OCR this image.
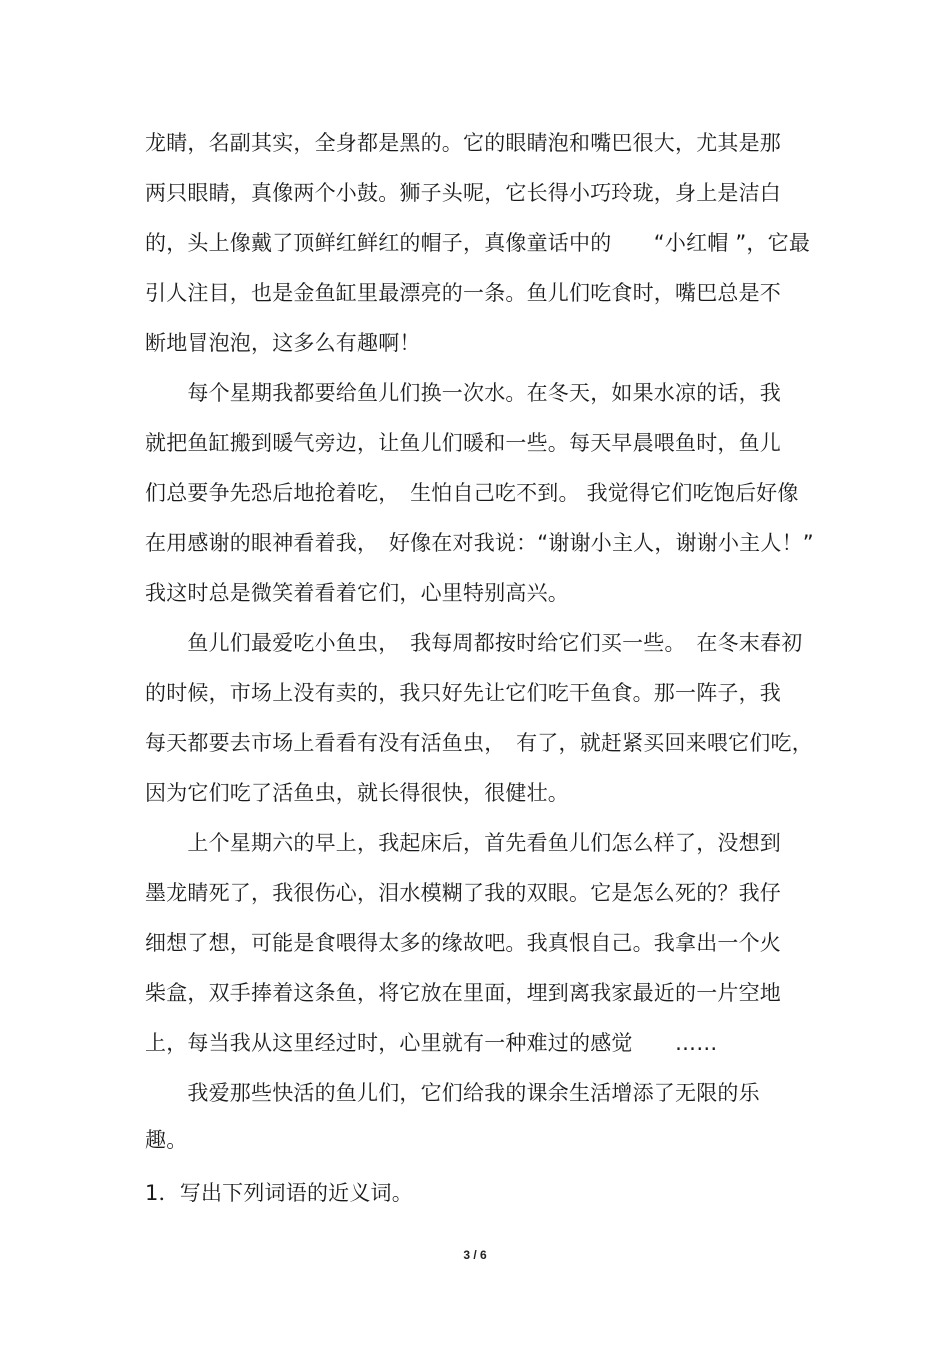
龙睛，名副其实，全身都是黑的。它的眼睛泡和嘴巴很大，尤其是那
两只眼睛，真像两个小鼓。狮子头呢，它长得小巧玲珑，身上是洁白
的，头上像戴了顶鲜红鲜红的帽子，真像童话中的　　“小红帽 ”，它最
引人注目，也是金鱼缸里最漂亮的一条。鱼儿们吃食时，嘴巴总是不
断地冒泡泡，这多么有趣啊！
　　每个星期我都要给鱼儿们换一次水。在冬天，如果水凉的话，我
就把鱼缸搬到暖气旁边，让鱼儿们暖和一些。每天早晨喂鱼时，鱼儿
们总要争先恐后地抢着吃，　生怕自己吃不到。 我觉得它们吃饱后好像
在用感谢的眼神看着我，　好像在对我说：“谢谢小主人，谢谢小主人！”
我这时总是微笑着看着它们，心里特别高兴。
　　鱼儿们最爱吃小鱼虫，　我每周都按时给它们买一些。　在冬末春初
的时候，市场上没有卖的，我只好先让它们吃干鱼食。那一阵子，我
每天都要去市场上看看有没有活鱼虫，　有了，就赶紧买回来喂它们吃，
因为它们吃了活鱼虫，就长得很快，很健壮。
　　上个星期六的早上，我起床后，首先看鱼儿们怎么样了，没想到
墨龙睛死了，我很伤心，泪水模糊了我的双眼。它是怎么死的？我仔
细想了想，可能是食喂得太多的缘故吧。我真恨自己。我拿出一个火
柴盒，双手捧着这条鱼，将它放在里面，埋到离我家最近的一片空地
上，每当我从这里经过时，心里就有一种难过的感觉　　……
　　我爱那些快活的鱼儿们，它们给我的课余生活增添了无限的乐
趣。
1．写出下列词语的近义词。
3 / 6
